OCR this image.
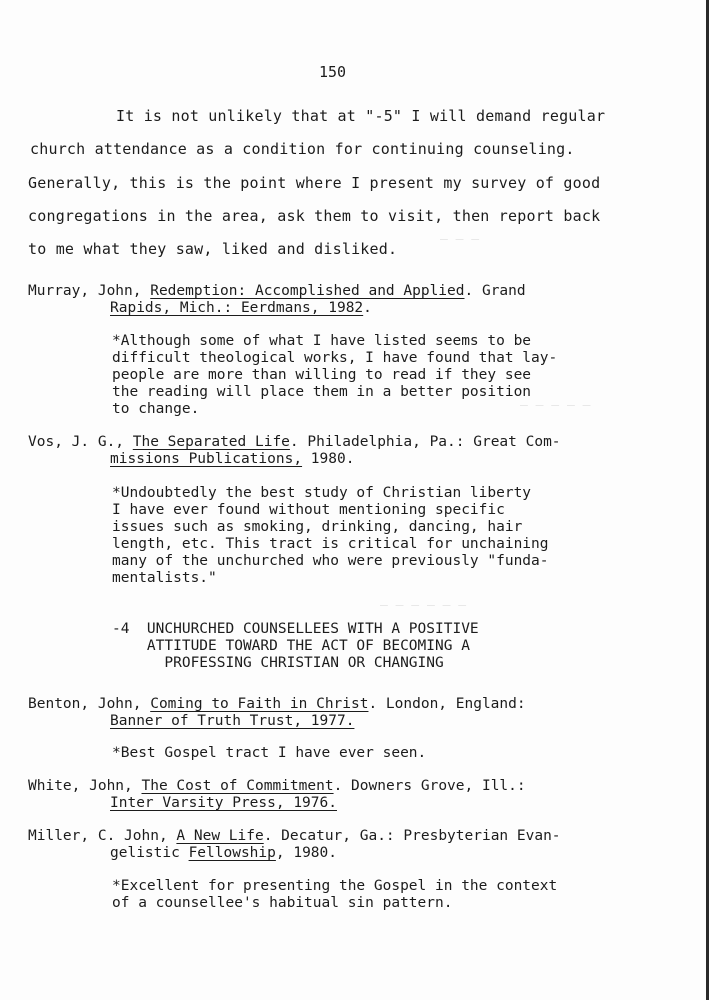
— — —
— — — — —
— — — — — —
150
It is not unlikely that at "-5" I will demand regular
church attendance as a condition for continuing counseling.
Generally, this is the point where I present my survey of good
congregations in the area, ask them to visit, then report back
to me what they saw, liked and disliked.
Murray, John, Redemption: Accomplished and Applied. Grand
Rapids, Mich.: Eerdmans, 1982.
*Although some of what I have listed seems to be
difficult theological works, I have found that lay-
people are more than willing to read if they see
the reading will place them in a better position
to change.
Vos, J. G., The Separated Life. Philadelphia, Pa.: Great Com-
missions Publications, 1980.
*Undoubtedly the best study of Christian liberty
I have ever found without mentioning specific
issues such as smoking, drinking, dancing, hair
length, etc. This tract is critical for unchaining
many of the unchurched who were previously "funda-
mentalists."
-4  UNCHURCHED COUNSELLEES WITH A POSITIVE
ATTITUDE TOWARD THE ACT OF BECOMING A
PROFESSING CHRISTIAN OR CHANGING
Benton, John, Coming to Faith in Christ. London, England:
Banner of Truth Trust, 1977.
*Best Gospel tract I have ever seen.
White, John, The Cost of Commitment. Downers Grove, Ill.:
Inter Varsity Press, 1976.
Miller, C. John, A New Life. Decatur, Ga.: Presbyterian Evan-
gelistic Fellowship, 1980.
*Excellent for presenting the Gospel in the context
of a counsellee's habitual sin pattern.
